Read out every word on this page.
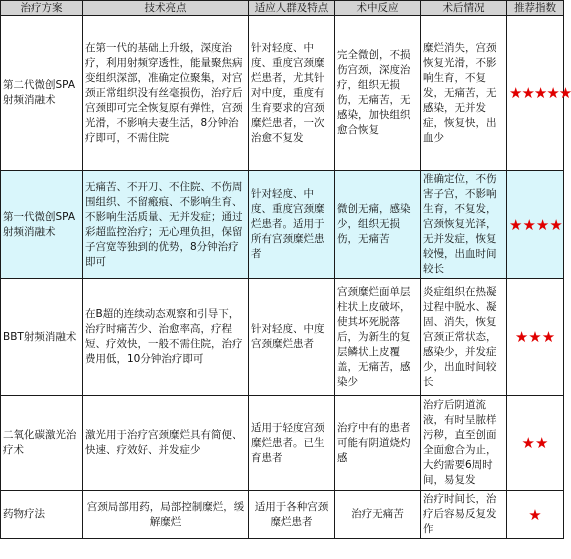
治疗方案	技术亮点	适应人群及特点	术中反应	术后情况	推荐指数
第二代微创SPA射频消融术	在第一代的基础上升级，深度治疗，利用射频穿透性，能量聚焦病变组织深部，准确定位聚集，对宫颈正常组织没有丝毫损伤，治疗后宫颈即可完全恢复原有弹性，宫颈光滑，不影响夫妻生活，8分钟治疗即可，不需住院	针对轻度、中度、重度宫颈糜烂患者，尤其针对中度，重度有生育要求的宫颈糜烂患者，一次治愈不复发	完全微创，不损伤宫颈，深度治疗，组织无损伤，无痛苦，无感染，加快组织愈合恢复	糜烂消失，宫颈恢复光滑，不影响生育，不复发，无痛苦，无感染，无并发症，恢复快，出血少	★★★★★
第一代微创SPA射频消融术	无痛苦、不开刀、不住院、不伤周围组织、不留瘢痕、不影响生育、不影响生活质量、无并发症；通过彩超监控治疗；无心理负担，保留子宫宽等独到的优势，8分钟治疗即可	针对轻度、中度、重度宫颈糜烂患者。适用于所有宫颈糜烂患者	微创无痛，感染少，组织无损伤，无痛苦	准确定位，不伤害子宫，不影响生育，不复发，宫颈恢复光泽，无并发症，恢复较慢，出血时间较长	★★★★
BBT射频消融术	在B超的连续动态观察和引导下，治疗时痛苦少、治愈率高，疗程短、疗效快，一般不需住院，治疗费用低，10分钟治疗即可	针对轻度、中度宫颈糜烂患者	宫颈糜烂面单层柱状上皮破坏，使其坏死脱落后，为新生的复层鳞状上皮覆盖，无痛苦，感染少	炎症组织在热凝过程中脱水、凝固、消失，恢复宫颈正常状态，感染少，并发症少，出血时间较长	★★★
二氧化碳激光治疗术	激光用于治疗宫颈糜烂具有简便、快速、疗效好、并发症少	适用于轻度宫颈糜烂患者。已生育患者	治疗中有的患者可能有阴道烧灼感	治疗后阴道流液，有时呈脓样污秽，直至创面全面愈合为止，大约需要6周时间，易复发	★★
药物疗法	宫颈局部用药，局部控制糜烂，缓解糜烂	适用于各种宫颈糜烂患者	治疗无痛苦	治疗时间长，治疗后容易反复发作	★
